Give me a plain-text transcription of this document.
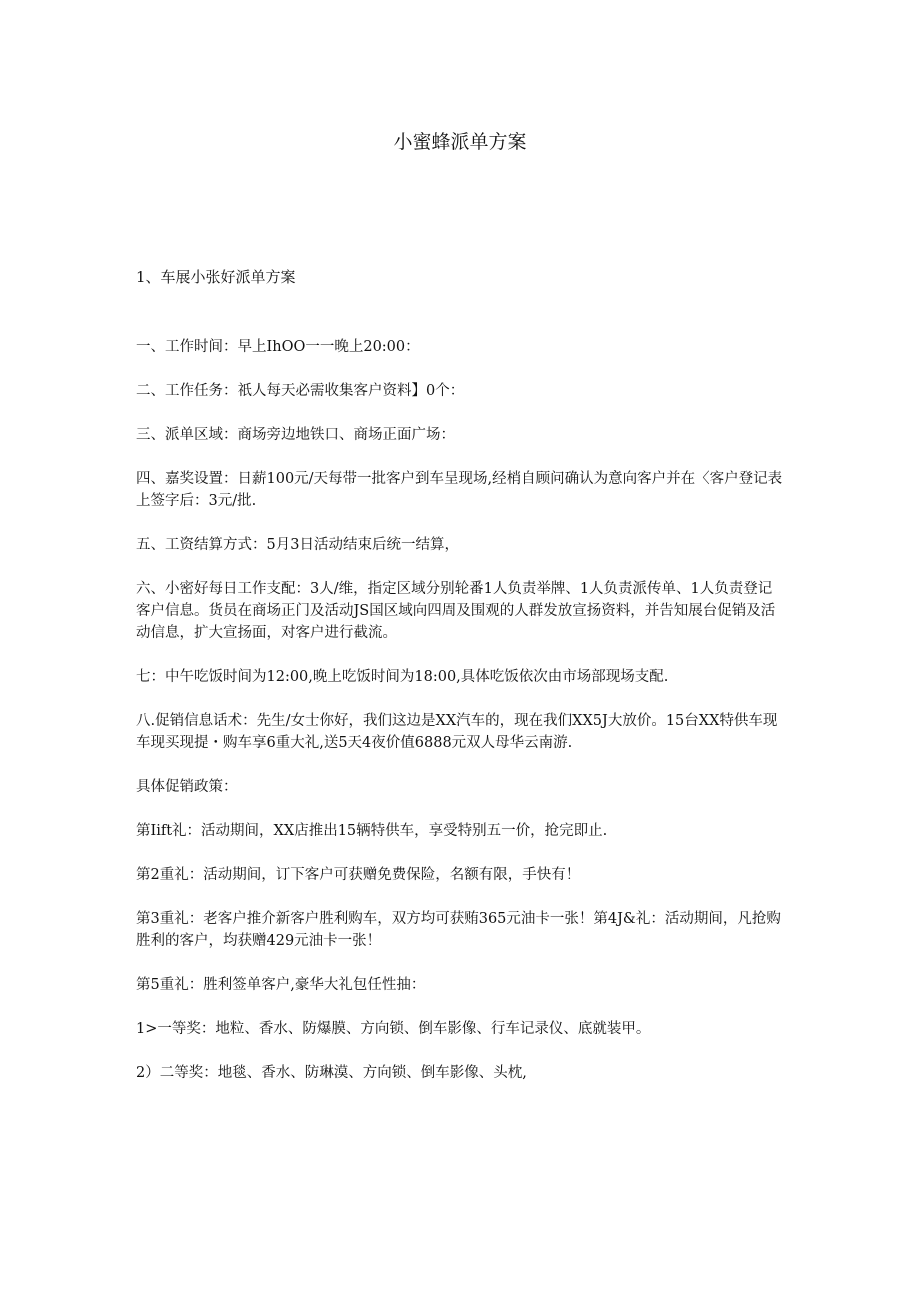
小蜜蜂派单方案
1、车展小张好派单方案

一、工作时间：早上IhOO一一晚上20:00：

二、工作任务：祇人每天必需收集客户资料】0个：

三、派单区域：商场旁边地铁口、商场正面广场：

四、嘉奖设置：日薪100元/天每带一批客户到车呈现场,经梢自顾问确认为意向客户并在〈客户登记表上签字后：3元/批.

五、工资结算方式：5月3日活动结束后统一结算，

六、小密好每日工作支配：3人/维，指定区域分别轮番1人负责举牌、1人负责派传单、1人负责登记客户信息。货员在商场正门及活动JS国区域向四周及围观的人群发放宣扬资料，并告知展台促销及活动信息，扩大宣扬面，对客户进行截流。

七：中午吃饭时间为12:00,晚上吃饭时间为18:00,具体吃饭依次由市场部现场支配.

八.促销信息话术：先生/女士你好，我们这边是XX汽车的，现在我们XX5J大放价。15台XX特供车现车现买现提・购车享6重大礼,送5天4夜价值6888元双人母华云南游.

具体促销政策：

第Iift礼：活动期间，XX店推出15辆特供车，享受特别五一价，抢完即止.

第2重礼：活动期间，订下客户可获赠免费保险，名额有限，手快有！

第3重礼：老客户推介新客户胜利购车，双方均可获贿365元油卡一张！第4J&礼：活动期间，凡抢购胜利的客户，均获赠429元油卡一张！

第5重礼：胜利签单客户,豪华大礼包任性抽：

1>一等奖：地粒、香水、防爆膜、方向锁、倒车影像、行车记录仪、底就装甲。

2）二等奖：地毯、香水、防琳漠、方向锁、倒车影像、头枕,
